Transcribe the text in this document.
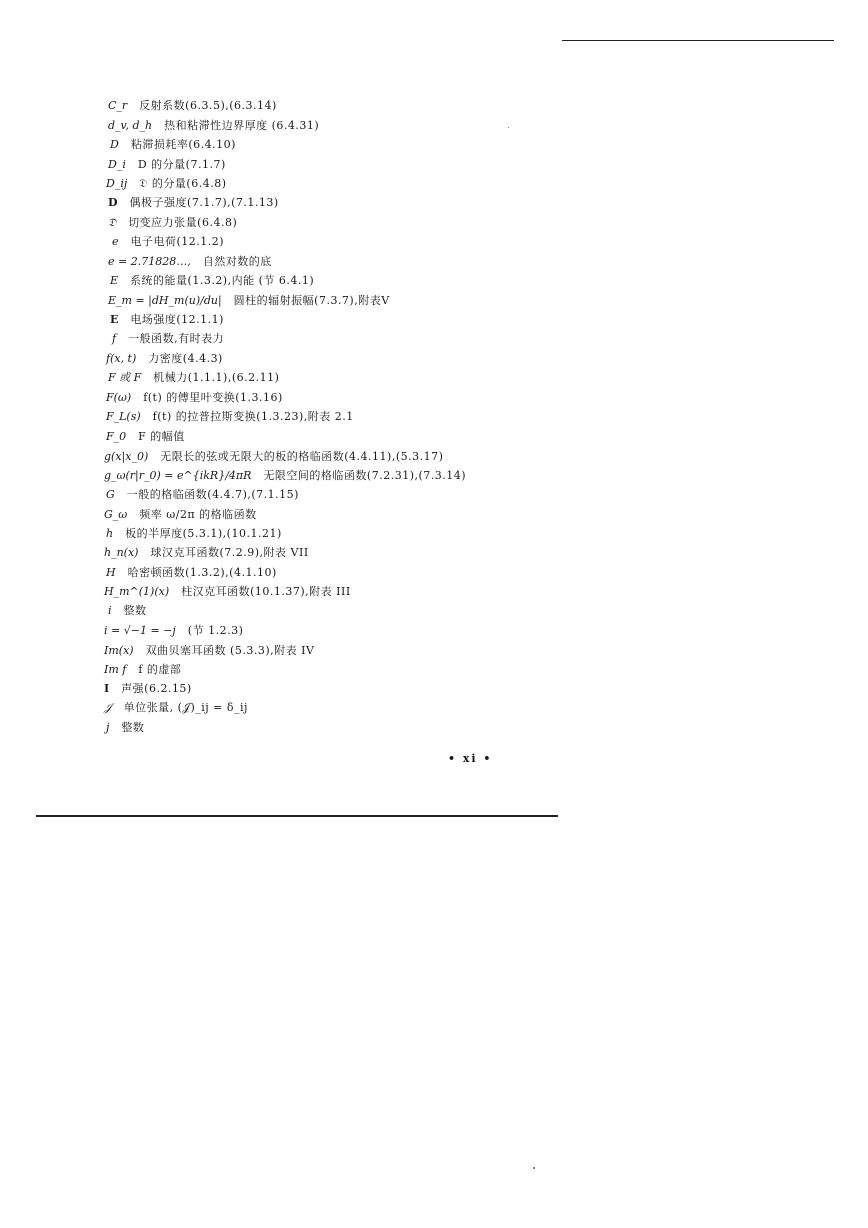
C_r 反射系数(6.3.5),(6.3.14)
d_v, d_h 热和粘滞性边界厚度 (6.4.31)
D 粘滞损耗率(6.4.10)
D_i D 的分量(7.1.7)
D_ij 𝔇 的分量(6.4.8)
D 偶极子强度(7.1.7),(7.1.13)
𝔇 切变应力张量(6.4.8)
e 电子电荷(12.1.2)
e = 2.71828…, 自然对数的底
E 系统的能量(1.3.2),内能 (节 6.4.1)
E_m = |dH_m(u)/du| 圆柱的辐射振幅(7.3.7),附表V
E 电场强度(12.1.1)
f 一般函数,有时表力
f(x, t) 力密度(4.4.3)
F 或 F 机械力(1.1.1),(6.2.11)
F(ω) f(t) 的傅里叶变换(1.3.16)
F_L(s) f(t) 的拉普拉斯变换(1.3.23),附表 2.1
F_0 F 的幅值
g(x|x_0) 无限长的弦或无限大的板的格临函数(4.4.11),(5.3.17)
g_ω(r|r_0) = e^{ikR}/4πR 无限空间的格临函数(7.2.31),(7.3.14)
G 一般的格临函数(4.4.7),(7.1.15)
G_ω 频率 ω/2π 的格临函数
h 板的半厚度(5.3.1),(10.1.21)
h_n(x) 球汉克耳函数(7.2.9),附表 VII
H 哈密顿函数(1.3.2),(4.1.10)
H_m^(1)(x) 柱汉克耳函数(10.1.37),附表 III
i 整数
i = √−1 = −j (节 1.2.3)
Im(x) 双曲贝塞耳函数 (5.3.3),附表 IV
Im f f 的虚部
I 声强(6.2.15)
𝒥 单位张量, (𝒥)_ij = δ_ij
j 整数
• xi •
